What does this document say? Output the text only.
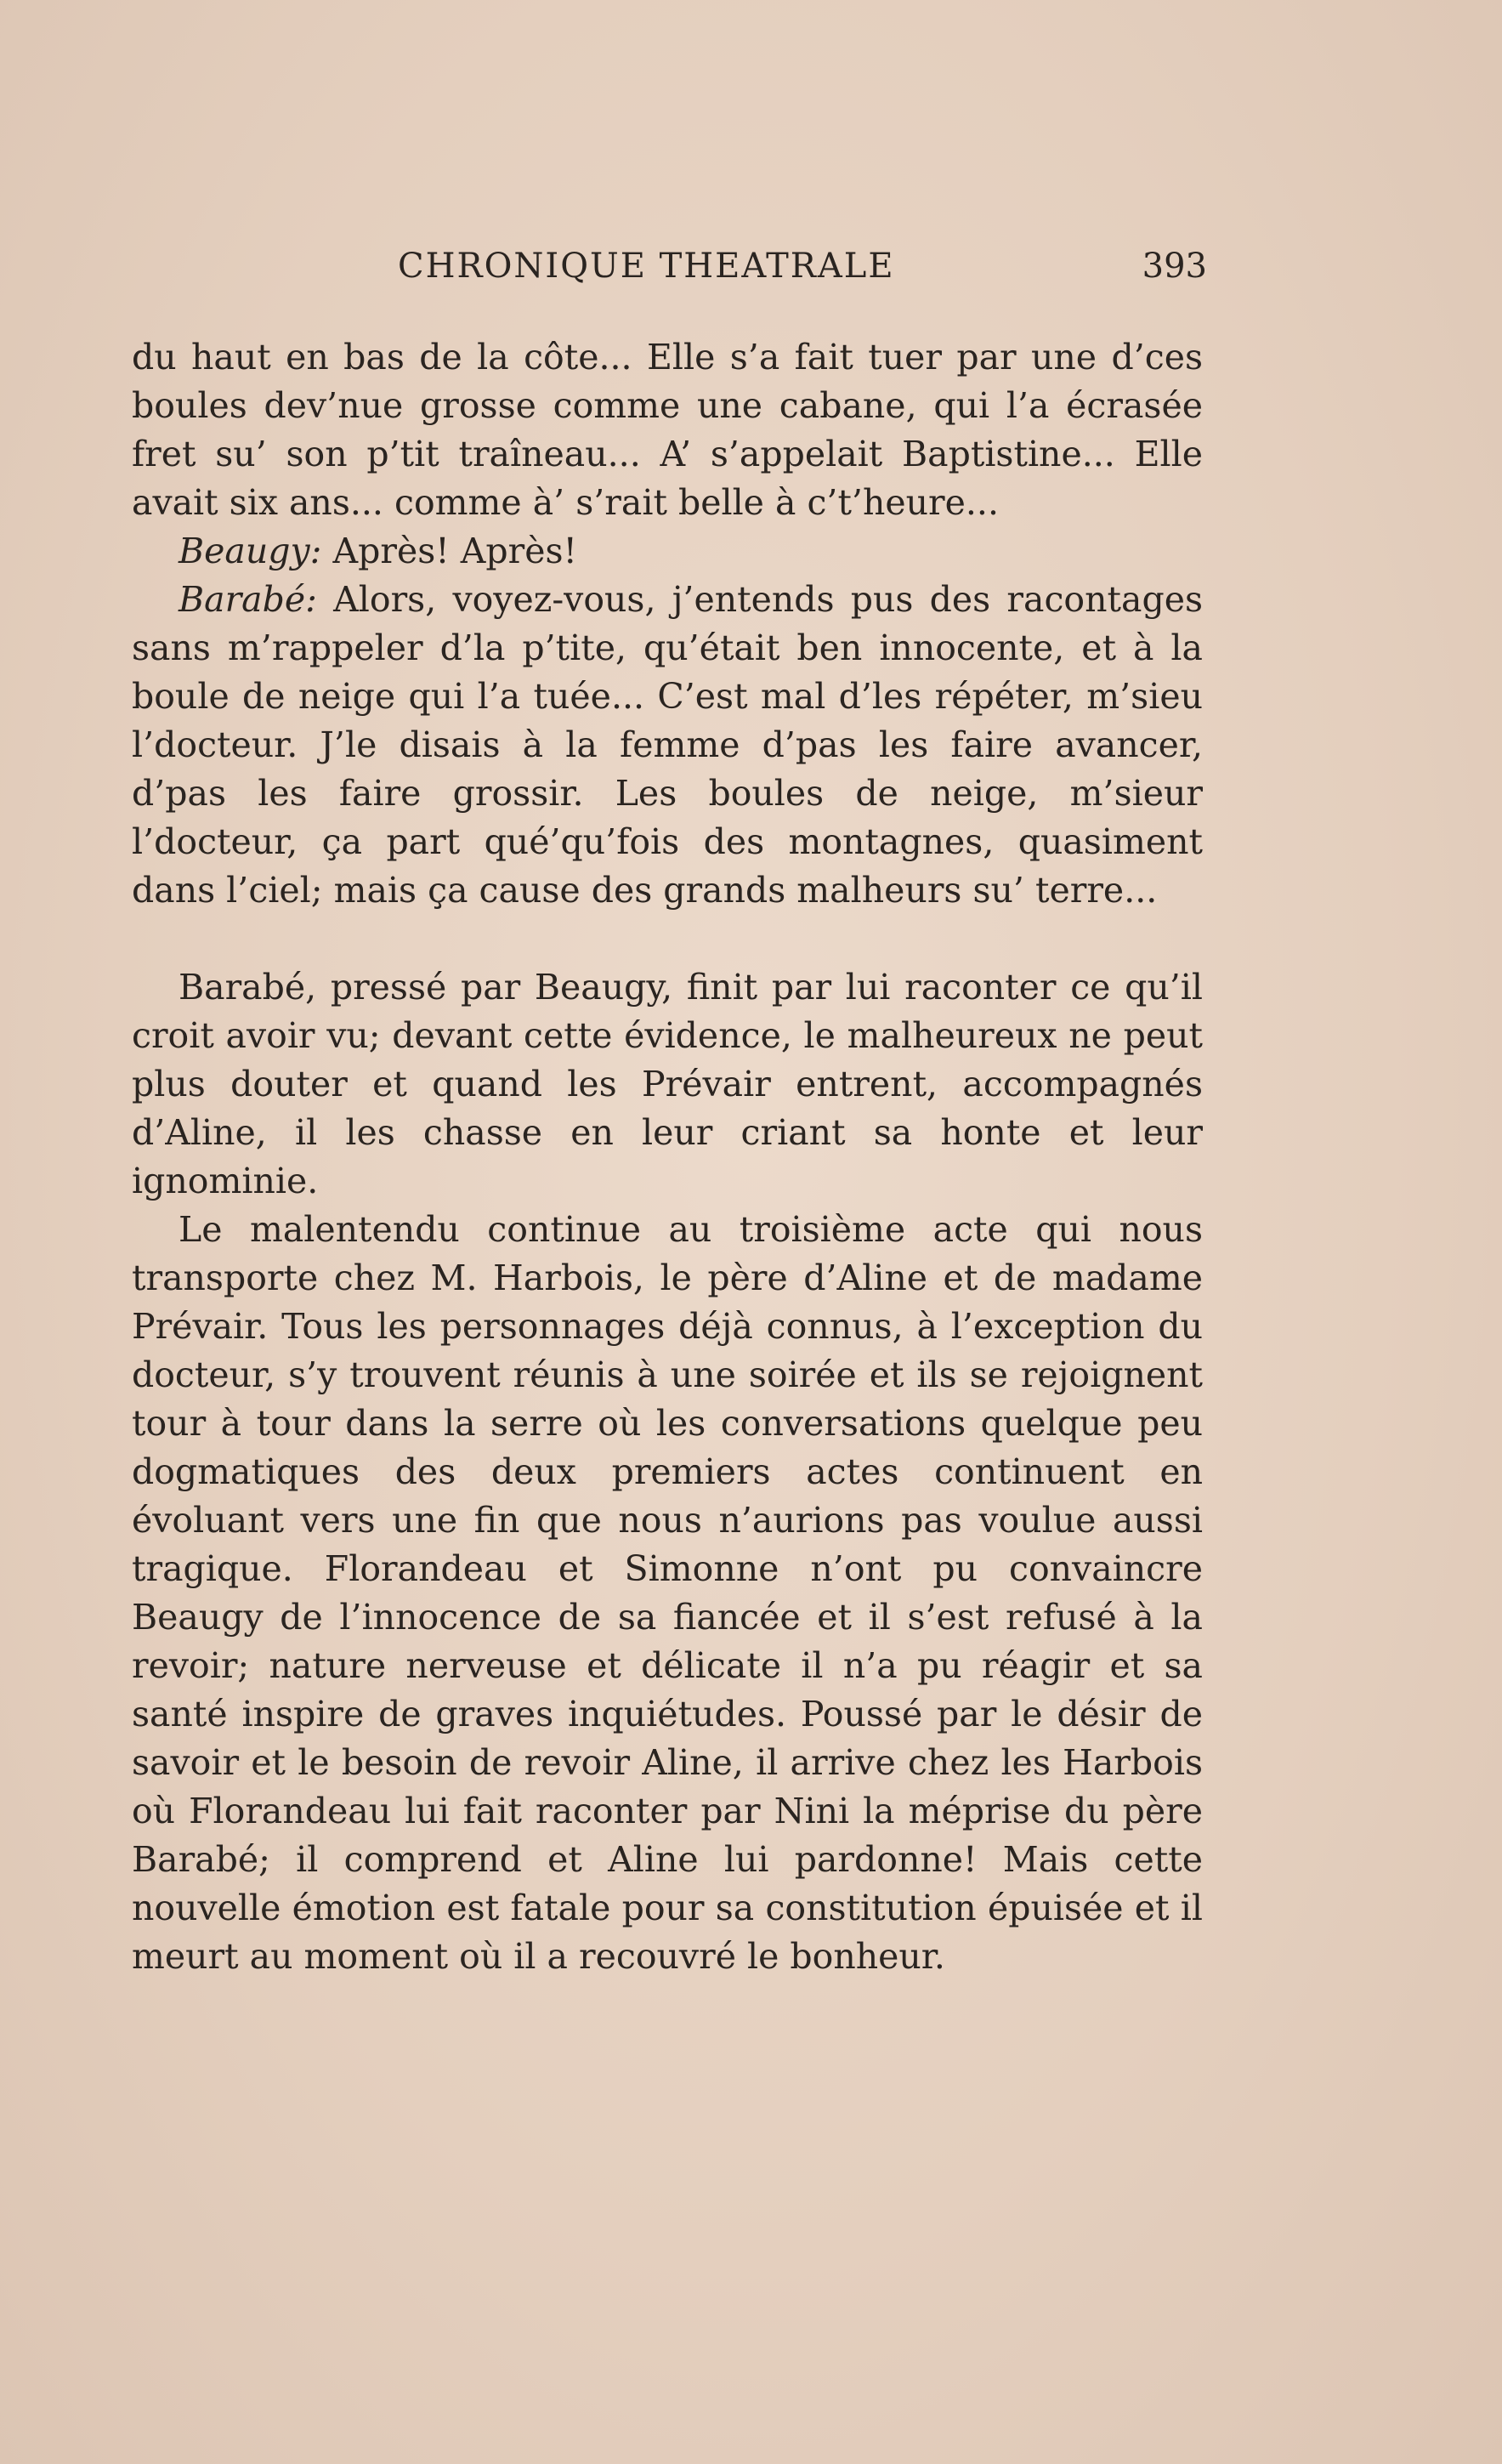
CHRONIQUE THEATRALE	393

du haut en bas de la côte... Elle s’a fait tuer par une d’ces boules dev’nue grosse comme une cabane, qui l’a écrasée fret su’ son p’tit traîneau... A’ s’appelait Baptistine... Elle avait six ans... comme à’ s’rait belle à c’t’heure...

Beaugy: Après! Après!

Barabé: Alors, voyez-vous, j’entends pus des racontages sans m’rappeler d’la p’tite, qu’était ben innocente, et à la boule de neige qui l’a tuée... C’est mal d’les répéter, m’sieu l’docteur. J’le disais à la femme d’pas les faire avancer, d’pas les faire grossir. Les boules de neige, m’sieur l’docteur, ça part qué’qu’fois des montagnes, quasiment dans l’ciel; mais ça cause des grands malheurs su’ terre...

Barabé, pressé par Beaugy, finit par lui raconter ce qu’il croit avoir vu; devant cette évidence, le malheureux ne peut plus douter et quand les Prévair entrent, accompagnés d’Aline, il les chasse en leur criant sa honte et leur ignominie.

Le malentendu continue au troisième acte qui nous transporte chez M. Harbois, le père d’Aline et de madame Prévair. Tous les personnages déjà connus, à l’exception du docteur, s’y trouvent réunis à une soirée et ils se rejoignent tour à tour dans la serre où les conversations quelque peu dogmatiques des deux premiers actes continuent en évoluant vers une fin que nous n’aurions pas voulue aussi tragique. Florandeau et Simonne n’ont pu convaincre Beaugy de l’innocence de sa fiancée et il s’est refusé à la revoir; nature nerveuse et délicate il n’a pu réagir et sa santé inspire de graves inquiétudes. Poussé par le désir de savoir et le besoin de revoir Aline, il arrive chez les Harbois où Florandeau lui fait raconter par Nini la méprise du père Barabé; il comprend et Aline lui pardonne! Mais cette nouvelle émotion est fatale pour sa constitution épuisée et il meurt au moment où il a recouvré le bonheur.
